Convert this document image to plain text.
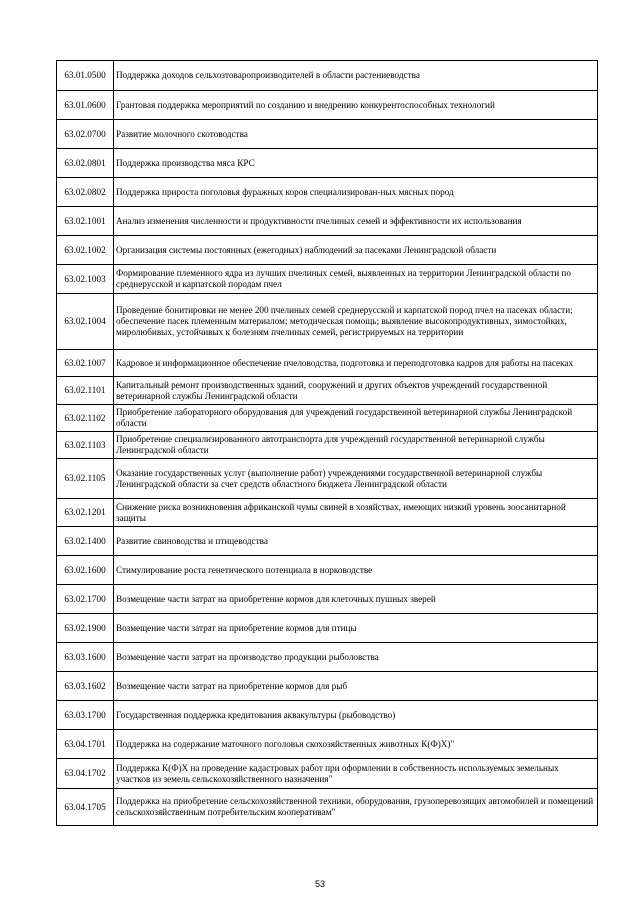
63.01.0500	Поддержка доходов сельхозтоваропроизводителей в области растениеводства
63.01.0600	Грантовая поддержка мероприятий по созданию и внедрению конкурентоспособных технологий
63.02.0700	Развитие молочного скотоводства
63.02.0801	Поддержка производства мяса КРС
63.02.0802	Поддержка прироста поголовья фуражных коров специализирован-ных мясных пород
63.02.1001	Анализ изменения численности и продуктивности пчелиных семей и эффективности их использования
63.02.1002	Организация системы постоянных (ежегодных) наблюдений за пасеками Ленинградской области
63.02.1003	Формирование племенного ядра из лучших пчелиных семей, выявленных на территории Ленинградской области по среднерусской и карпатской породам пчел
63.02.1004	Проведение бонитировки не менее 200 пчелиных семей среднерусской и карпатской пород пчел на пасеках области; обеспечение пасек племенным материалом; методическая помощь; выявление высокопродуктивных, зимостойких, миролюбивых, устойчивых к болезням пчелиных семей, регистрируемых на территории
63.02.1007	Кадровое и информационное обеспечение пчеловодства, подготовка и переподготовка кадров для работы на пасеках
63.02.1101	Капитальный ремонт производственных зданий, сооружений и других объектов учреждений государственной ветеринарной службы Ленинградской области
63.02.1102	Приобретение лабораторного оборудования для учреждений государственной ветеринарной службы Ленинградской области
63.02.1103	Приобретение специализированного автотранспорта для учреждений государственной ветеринарной службы Ленинградской области
63.02.1105	Оказание государственных услуг (выполнение работ) учреждениями государственной ветеринарной службы Ленинградской области за счет средств областного бюджета Ленинградской области
63.02.1201	Снижение риска возникновения африканской чумы свиней в хозяйствах, имеющих низкий уровень зоосанитарной защиты
63.02.1400	Развитие свиноводства и птицеводства
63.02.1600	Стимулирование роста генетического потенциала в норководстве
63.02.1700	Возмещение части затрат на приобретение кормов для клеточных пушных зверей
63.02.1900	Возмещение части затрат на приобретение кормов для птицы
63.03.1600	Возмещение части затрат на производство продукции рыболовства
63.03.1602	Возмещение части затрат на приобретение кормов для рыб
63.03.1700	Государственная поддержка кредитования аквакультуры (рыбоводство)
63.04.1701	Поддержка на содержание маточного поголовья скохозяйственных животных К(Ф)Х)"
63.04.1702	Поддержка К(Ф)Х на проведение кадастровых работ при оформлении в собственность используемых земельных участков из земель сельскохозяйственного назначения"
63.04.1705	Поддержка на приобретение сельскохозяйственной техники, оборудования, грузоперевозящих автомобилей и помещений сельскохозяйственным потребительским кооперативам"
53
